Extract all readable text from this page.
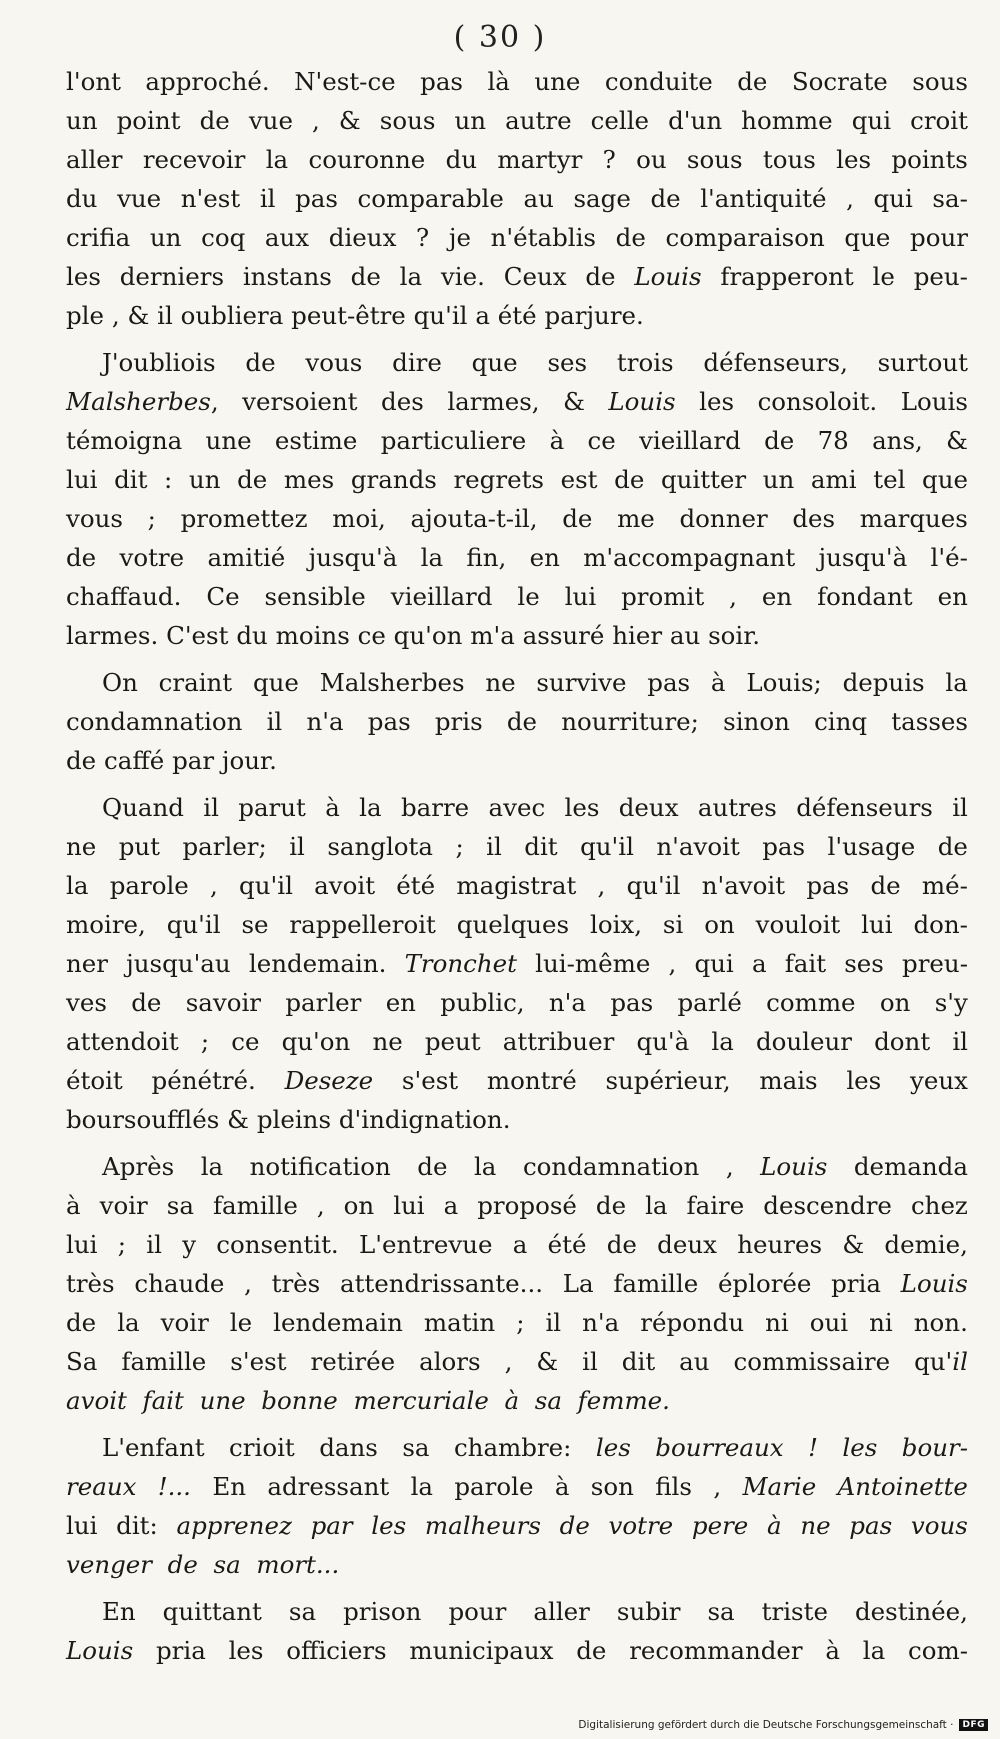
( 30 )
l'ont approché. N'est-ce pas là une conduite de Socrate sous
un point de vue , & sous un autre celle d'un homme qui croit
aller recevoir la couronne du martyr ? ou sous tous les points
du vue n'est il pas comparable au sage de l'antiquité , qui sa-
crifia un coq aux dieux ? je n'établis de comparaison que pour
les derniers instans de la vie. Ceux de Louis frapperont le peu-
ple , & il oubliera peut-être qu'il a été parjure.
J'oubliois de vous dire que ses trois défenseurs, surtout
Malsherbes, versoient des larmes, & Louis les consoloit. Louis
témoigna une estime particuliere à ce vieillard de 78 ans, &
lui dit : un de mes grands regrets est de quitter un ami tel que
vous ; promettez moi, ajouta-t-il, de me donner des marques
de votre amitié jusqu'à la fin, en m'accompagnant jusqu'à l'é-
chaffaud. Ce sensible vieillard le lui promit , en fondant en
larmes. C'est du moins ce qu'on m'a assuré hier au soir.
On craint que Malsherbes ne survive pas à Louis; depuis la
condamnation il n'a pas pris de nourriture; sinon cinq tasses
de caffé par jour.
Quand il parut à la barre avec les deux autres défenseurs il
ne put parler; il sanglota ; il dit qu'il n'avoit pas l'usage de
la parole , qu'il avoit été magistrat , qu'il n'avoit pas de mé-
moire, qu'il se rappelleroit quelques loix, si on vouloit lui don-
ner jusqu'au lendemain. Tronchet lui-même , qui a fait ses preu-
ves de savoir parler en public, n'a pas parlé comme on s'y
attendoit ; ce qu'on ne peut attribuer qu'à la douleur dont il
étoit pénétré. Deseze s'est montré supérieur, mais les yeux
boursoufflés & pleins d'indignation.
Après la notification de la condamnation , Louis demanda
à voir sa famille , on lui a proposé de la faire descendre chez
lui ; il y consentit. L'entrevue a été de deux heures & demie,
très chaude , très attendrissante... La famille éplorée pria Louis
de la voir le lendemain matin ; il n'a répondu ni oui ni non.
Sa famille s'est retirée alors , & il dit au commissaire qu'il
avoit fait une bonne mercuriale à sa femme.
L'enfant crioit dans sa chambre: les bourreaux ! les bour-
reaux !... En adressant la parole à son fils , Marie Antoinette
lui dit: apprenez par les malheurs de votre pere à ne pas vous
venger de sa mort...
En quittant sa prison pour aller subir sa triste destinée,
Louis pria les officiers municipaux de recommander à la com-
Digitalisierung gefördert durch die Deutsche Forschungsgemeinschaft ·	DFG
